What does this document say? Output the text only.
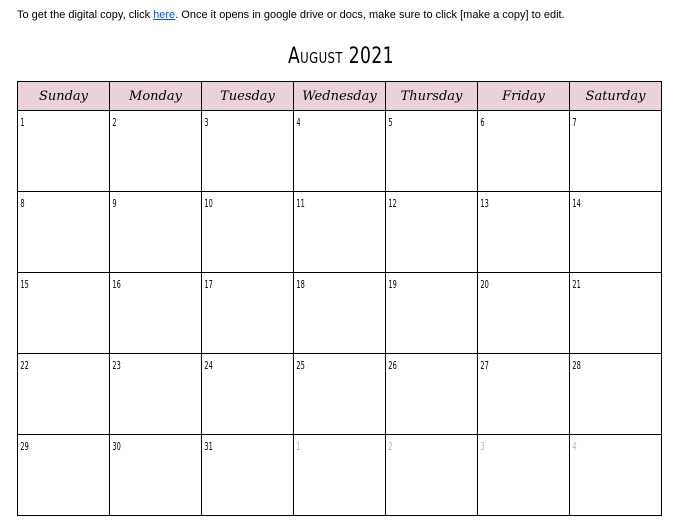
To get the digital copy, click here. Once it opens in google drive or docs, make sure to click [make a copy] to edit.
August 2021
Sunday	Monday	Tuesday	Wednesday	Thursday	Friday	Saturday

1	2	3	4	5	6	7

8	9	10	11	12	13	14

15	16	17	18	19	20	21

22	23	24	25	26	27	28

29	30	31	1	2	3	4
